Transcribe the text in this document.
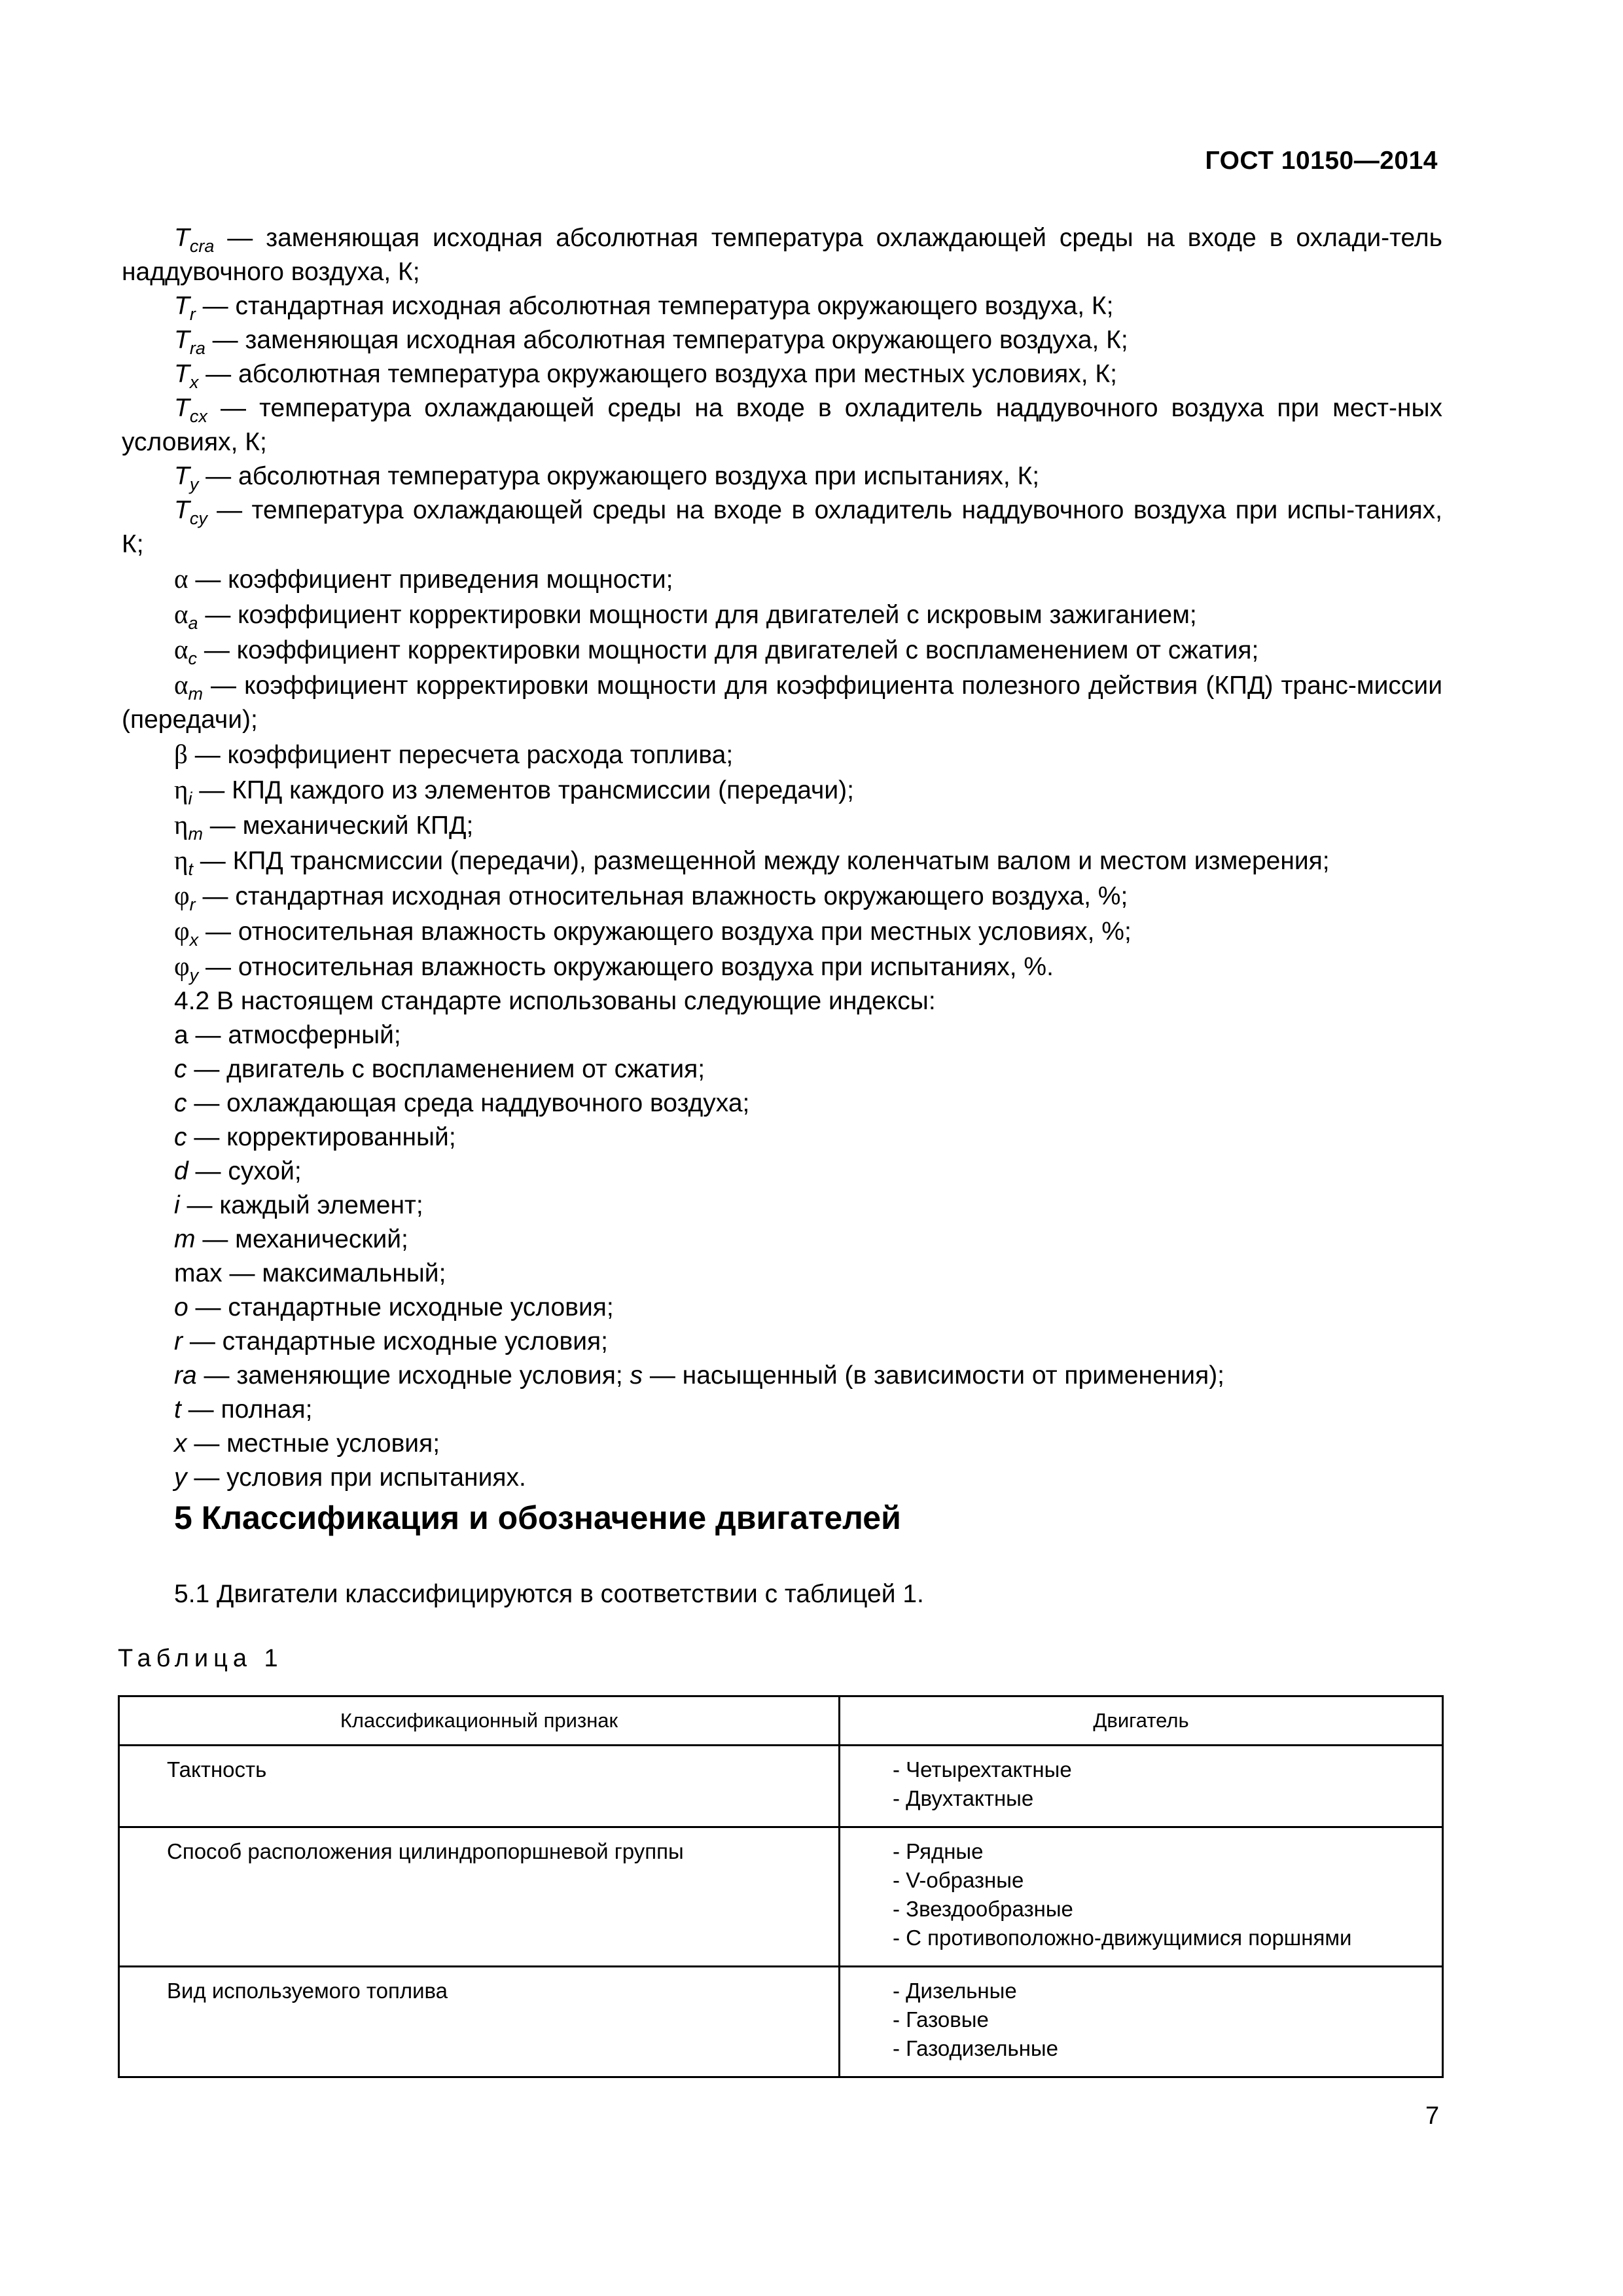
ГОСТ 10150—2014

$T_{cra}$ — заменяющая исходная абсолютная температура охлаждающей среды на входе в охлади-тель наддувочного воздуха, К;

$T_r$ — стандартная исходная абсолютная температура окружающего воздуха, К;

$T_{ra}$ — заменяющая исходная абсолютная температура окружающего воздуха, К;

$T_x$ — абсолютная температура окружающего воздуха при местных условиях, К;

$T_{cx}$ — температура охлаждающей среды на входе в охладитель наддувочного воздуха при мест-ных условиях, К;

$T_y$ — абсолютная температура окружающего воздуха при испытаниях, К;

$T_{cy}$ — температура охлаждающей среды на входе в охладитель наддувочного воздуха при испы-таниях, К;

α — коэффициент приведения мощности;

$\alpha_a$ — коэффициент корректировки мощности для двигателей с искровым зажиганием;

$\alpha_c$ — коэффициент корректировки мощности для двигателей с воспламенением от сжатия;

$\alpha_m$ — коэффициент корректировки мощности для коэффициента полезного действия (КПД) транс-миссии (передачи);

β — коэффициент пересчета расхода топлива;

$\eta_i$ — КПД каждого из элементов трансмиссии (передачи);

$\eta_m$ — механический КПД;

$\eta_t$ — КПД трансмиссии (передачи), размещенной между коленчатым валом и местом измерения;

$\varphi_r$ — стандартная исходная относительная влажность окружающего воздуха, %;

$\varphi_x$ — относительная влажность окружающего воздуха при местных условиях, %;

$\varphi_y$ — относительная влажность окружающего воздуха при испытаниях, %.

4.2 В настоящем стандарте использованы следующие индексы:

a — атмосферный;

c — двигатель с воспламенением от сжатия;

c — охлаждающая среда наддувочного воздуха;

c — корректированный;

d — сухой;

i — каждый элемент;

m — механический;

max — максимальный;

o — стандартные исходные условия;

r — стандартные исходные условия;

ra — заменяющие исходные условия; s — насыщенный (в зависимости от применения);

t — полная;

x — местные условия;

y — условия при испытаниях.

5 Классификация и обозначение двигателей
5.1 Двигатели классифицируются в соответствии с таблицей 1.
Таблица 1
Классификационный признак	Двигатель
Тактность	- Четырехтактные
- Двухтактные

Способ расположения цилиндропоршневой группы	- Рядные
- V-образные
- Звездообразные
- С противоположно-движущимися поршнями

Вид используемого топлива	- Дизельные
- Газовые
- Газодизельные
7
